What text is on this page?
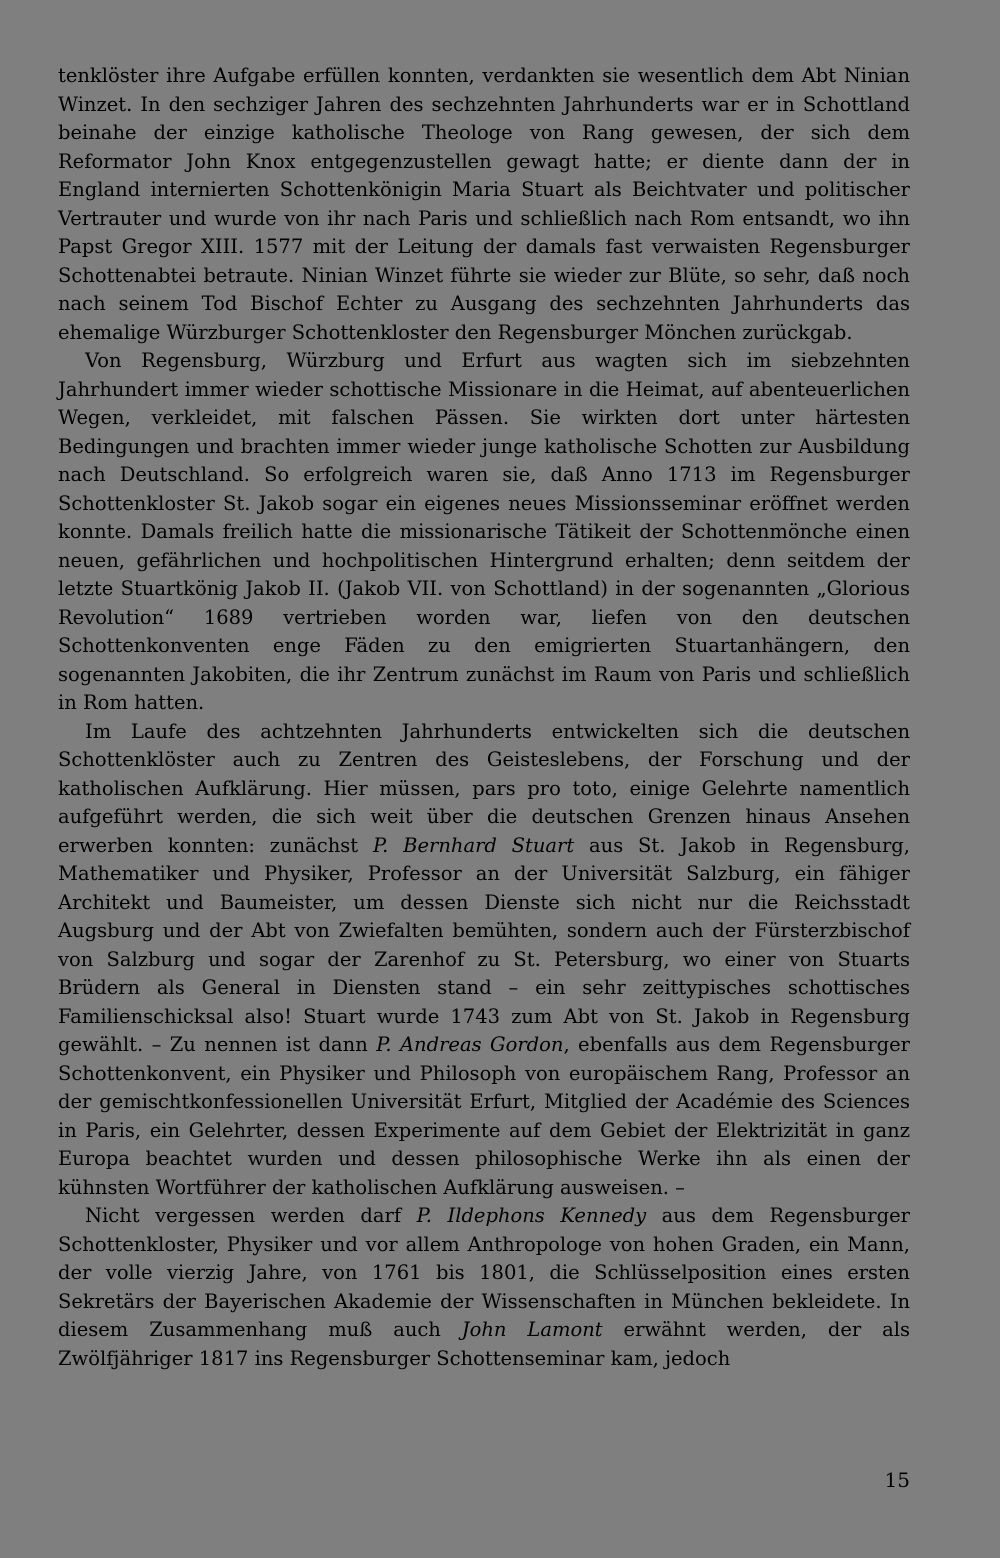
tenklöster ihre Aufgabe erfüllen konnten, verdankten sie wesentlich dem Abt Ninian Winzet. In den sechziger Jahren des sechzehnten Jahrhunderts war er in Schottland beinahe der einzige katholische Theologe von Rang gewesen, der sich dem Reformator John Knox entgegenzustellen gewagt hatte; er diente dann der in England internierten Schottenkönigin Maria Stuart als Beichtvater und politischer Vertrauter und wurde von ihr nach Paris und schließlich nach Rom entsandt, wo ihn Papst Gregor XIII. 1577 mit der Leitung der damals fast verwaisten Regensburger Schottenabtei betraute. Ninian Winzet führte sie wieder zur Blüte, so sehr, daß noch nach seinem Tod Bischof Echter zu Ausgang des sechzehnten Jahrhunderts das ehemalige Würzburger Schottenkloster den Regensburger Mönchen zurückgab.

Von Regensburg, Würzburg und Erfurt aus wagten sich im siebzehnten Jahrhundert immer wieder schottische Missionare in die Heimat, auf abenteuerlichen Wegen, verkleidet, mit falschen Pässen. Sie wirkten dort unter härtesten Bedingungen und brachten immer wieder junge katholische Schotten zur Ausbildung nach Deutschland. So erfolgreich waren sie, daß Anno 1713 im Regensburger Schottenkloster St. Jakob sogar ein eigenes neues Missionsseminar eröffnet werden konnte. Damals freilich hatte die missionarische Tätikeit der Schottenmönche einen neuen, gefährlichen und hochpolitischen Hintergrund erhalten; denn seitdem der letzte Stuartkönig Jakob II. (Jakob VII. von Schottland) in der sogenannten „Glorious Revolution“ 1689 vertrieben worden war, liefen von den deutschen Schottenkonventen enge Fäden zu den emigrierten Stuartanhängern, den sogenannten Jakobiten, die ihr Zentrum zunächst im Raum von Paris und schließlich in Rom hatten.

Im Laufe des achtzehnten Jahrhunderts entwickelten sich die deutschen Schottenklöster auch zu Zentren des Geisteslebens, der Forschung und der katholischen Aufklärung. Hier müssen, pars pro toto, einige Gelehrte namentlich aufgeführt werden, die sich weit über die deutschen Grenzen hinaus Ansehen erwerben konnten: zunächst P. Bernhard Stuart aus St. Jakob in Regensburg, Mathematiker und Physiker, Professor an der Universität Salzburg, ein fähiger Architekt und Baumeister, um dessen Dienste sich nicht nur die Reichsstadt Augsburg und der Abt von Zwiefalten bemühten, sondern auch der Fürsterzbischof von Salzburg und sogar der Zarenhof zu St. Petersburg, wo einer von Stuarts Brüdern als General in Diensten stand – ein sehr zeittypisches schottisches Familienschicksal also! Stuart wurde 1743 zum Abt von St. Jakob in Regensburg gewählt. – Zu nennen ist dann P. Andreas Gordon, ebenfalls aus dem Regensburger Schottenkonvent, ein Physiker und Philosoph von europäischem Rang, Professor an der gemischtkonfessionellen Universität Erfurt, Mitglied der Académie des Sciences in Paris, ein Gelehrter, dessen Experimente auf dem Gebiet der Elektrizität in ganz Europa beachtet wurden und dessen philosophische Werke ihn als einen der kühnsten Wortführer der katholischen Aufklärung ausweisen. –

Nicht vergessen werden darf P. Ildephons Kennedy aus dem Regensburger Schottenkloster, Physiker und vor allem Anthropologe von hohen Graden, ein Mann, der volle vierzig Jahre, von 1761 bis 1801, die Schlüsselposition eines ersten Sekretärs der Bayerischen Akademie der Wissenschaften in München bekleidete. In diesem Zusammenhang muß auch John Lamont erwähnt werden, der als Zwölfjähriger 1817 ins Regensburger Schottenseminar kam, jedoch

15
